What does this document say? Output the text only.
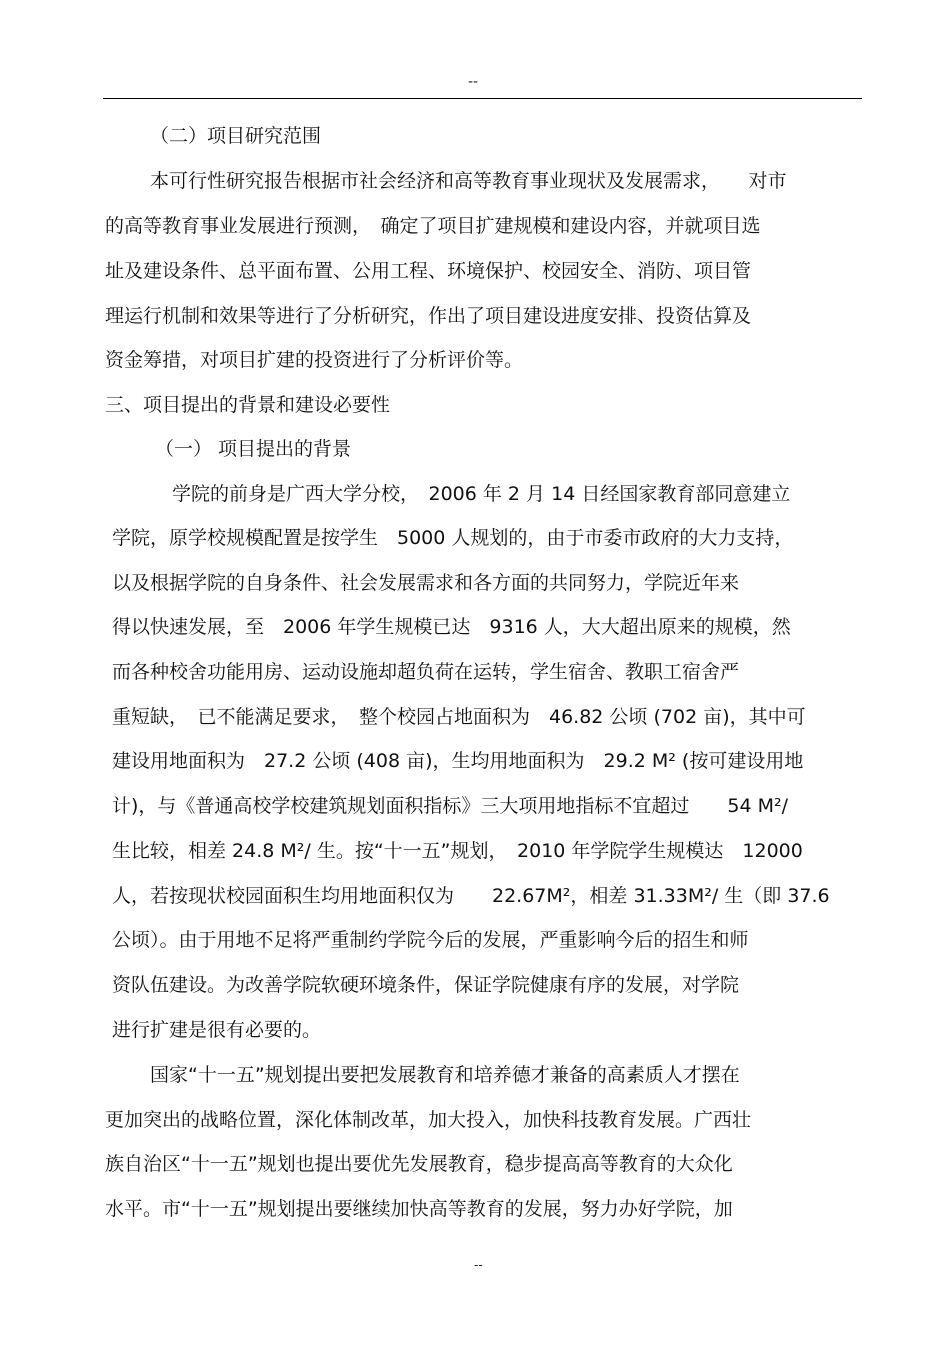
--
（二）项目研究范围
本可行性研究报告根据市社会经济和高等教育事业现状及发展需求，　　对市
的高等教育事业发展进行预测，　确定了项目扩建规模和建设内容，并就项目选
址及建设条件、总平面布置、公用工程、环境保护、校园安全、消防、项目管
理运行机制和效果等进行了分析研究，作出了项目建设进度安排、投资估算及
资金筹措，对项目扩建的投资进行了分析评价等。
三、项目提出的背景和建设必要性
（一） 项目提出的背景
学院的前身是广西大学分校，　2006 年 2 月 14 日经国家教育部同意建立
学院，原学校规模配置是按学生　5000 人规划的，由于市委市政府的大力支持，
以及根据学院的自身条件、社会发展需求和各方面的共同努力，学院近年来
得以快速发展，至　2006 年学生规模已达　9316 人，大大超出原来的规模，然
而各种校舍功能用房、运动设施却超负荷在运转，学生宿舍、教职工宿舍严
重短缺，　已不能满足要求，　整个校园占地面积为　46.82 公顷 (702 亩)，其中可
建设用地面积为　27.2 公顷 (408 亩)，生均用地面积为　29.2 M² (按可建设用地
计)，与《普通高校学校建筑规划面积指标》三大项用地指标不宜超过　　54 M²/
生比较，相差 24.8 M²/ 生。按“十一五”规划，　2010 年学院学生规模达　12000
人，若按现状校园面积生均用地面积仅为　　22.67M²，相差 31.33M²/ 生（即 37.6
公顷）。由于用地不足将严重制约学院今后的发展，严重影响今后的招生和师
资队伍建设。为改善学院软硬环境条件，保证学院健康有序的发展，对学院
进行扩建是很有必要的。
国家“十一五”规划提出要把发展教育和培养德才兼备的高素质人才摆在
更加突出的战略位置，深化体制改革，加大投入，加快科技教育发展。广西壮
族自治区“十一五”规划也提出要优先发展教育，稳步提高高等教育的大众化
水平。市“十一五”规划提出要继续加快高等教育的发展，努力办好学院，加
--
